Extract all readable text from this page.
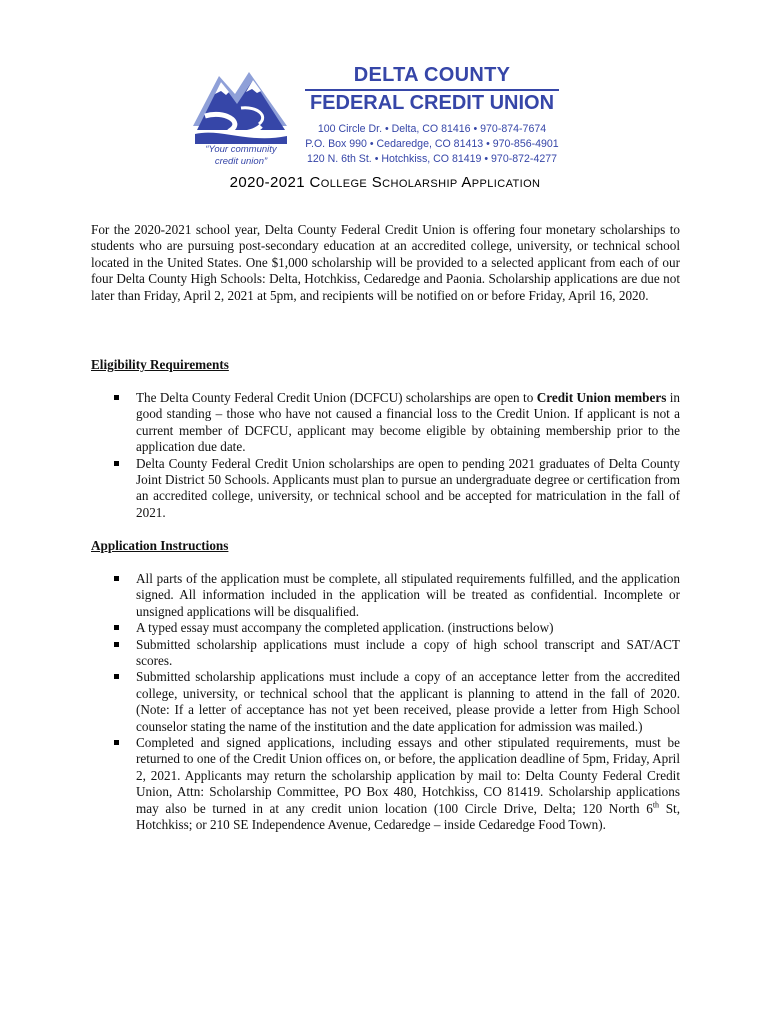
“Your community
credit union”
DELTA COUNTY
FEDERAL CREDIT UNION
100 Circle Dr. • Delta, CO 81416 • 970-874-7674
P.O. Box 990 • Cedaredge, CO 81413 • 970-856-4901
120 N. 6th St. • Hotchkiss, CO 81419 • 970-872-4277
2020-2021 College Scholarship Application
For the 2020-2021 school year, Delta County Federal Credit Union is offering four monetary scholarships to students who are pursuing post-secondary education at an accredited college, university, or technical school located in the United States. One $1,000 scholarship will be provided to a selected applicant from each of our four Delta County High Schools: Delta, Hotchkiss, Cedaredge and Paonia. Scholarship applications are due not later than Friday, April 2, 2021 at 5pm, and recipients will be notified on or before Friday, April 16, 2020.
Eligibility Requirements
The Delta County Federal Credit Union (DCFCU) scholarships are open to Credit Union members in good standing – those who have not caused a financial loss to the Credit Union. If applicant is not a current member of DCFCU, applicant may become eligible by obtaining membership prior to the application due date.
Delta County Federal Credit Union scholarships are open to pending 2021 graduates of Delta County Joint District 50 Schools. Applicants must plan to pursue an undergraduate degree or certification from an accredited college, university, or technical school and be accepted for matriculation in the fall of 2021.
Application Instructions
All parts of the application must be complete, all stipulated requirements fulfilled, and the application signed. All information included in the application will be treated as confidential. Incomplete or unsigned applications will be disqualified.
A typed essay must accompany the completed application. (instructions below)
Submitted scholarship applications must include a copy of high school transcript and SAT/ACT scores.
Submitted scholarship applications must include a copy of an acceptance letter from the accredited college, university, or technical school that the applicant is planning to attend in the fall of 2020. (Note: If a letter of acceptance has not yet been received, please provide a letter from High School counselor stating the name of the institution and the date application for admission was mailed.)
Completed and signed applications, including essays and other stipulated requirements, must be returned to one of the Credit Union offices on, or before, the application deadline of 5pm, Friday, April 2, 2021. Applicants may return the scholarship application by mail to: Delta County Federal Credit Union, Attn: Scholarship Committee, PO Box 480, Hotchkiss, CO 81419. Scholarship applications may also be turned in at any credit union location (100 Circle Drive, Delta; 120 North 6th St, Hotchkiss; or 210 SE Independence Avenue, Cedaredge – inside Cedaredge Food Town).
